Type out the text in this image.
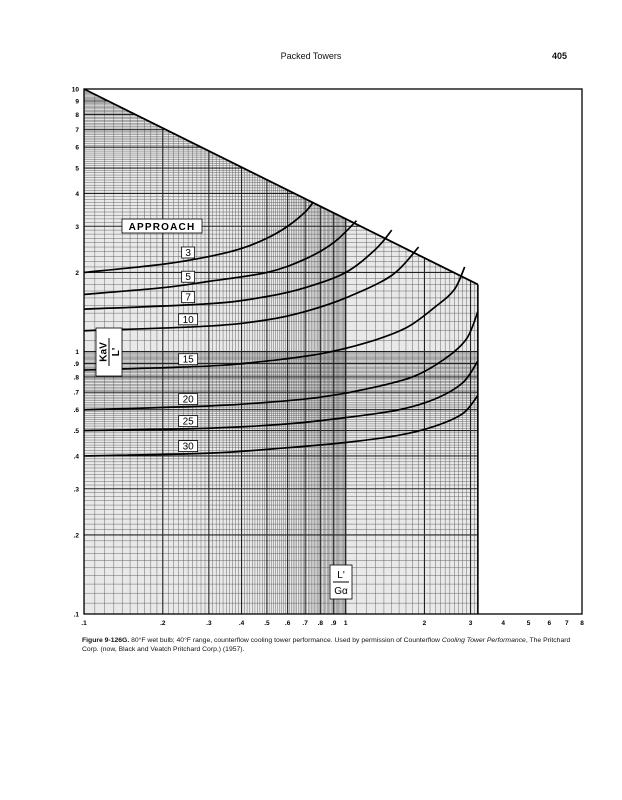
Packed Towers	405
.1	.2	.3	.4	.5 .6 .7 .8 .9 1	2	3	4	5	6 7 8
.1
.2
.3
.4
.5
.6
.7
.8
.9
1
2
3
4
5
6
7
8
9
10
APPROACH
3
5
7
10
15
20
25
30
KaV L'
L'
Gα
Figure 9-126G. 80°F wet bulb; 40°F range, counterflow cooling tower performance. Used by permission of Counterflow Cooling Tower Performance, The Pritchard Corp. (now, Black and Veatch Pritchard Corp.) (1957).
